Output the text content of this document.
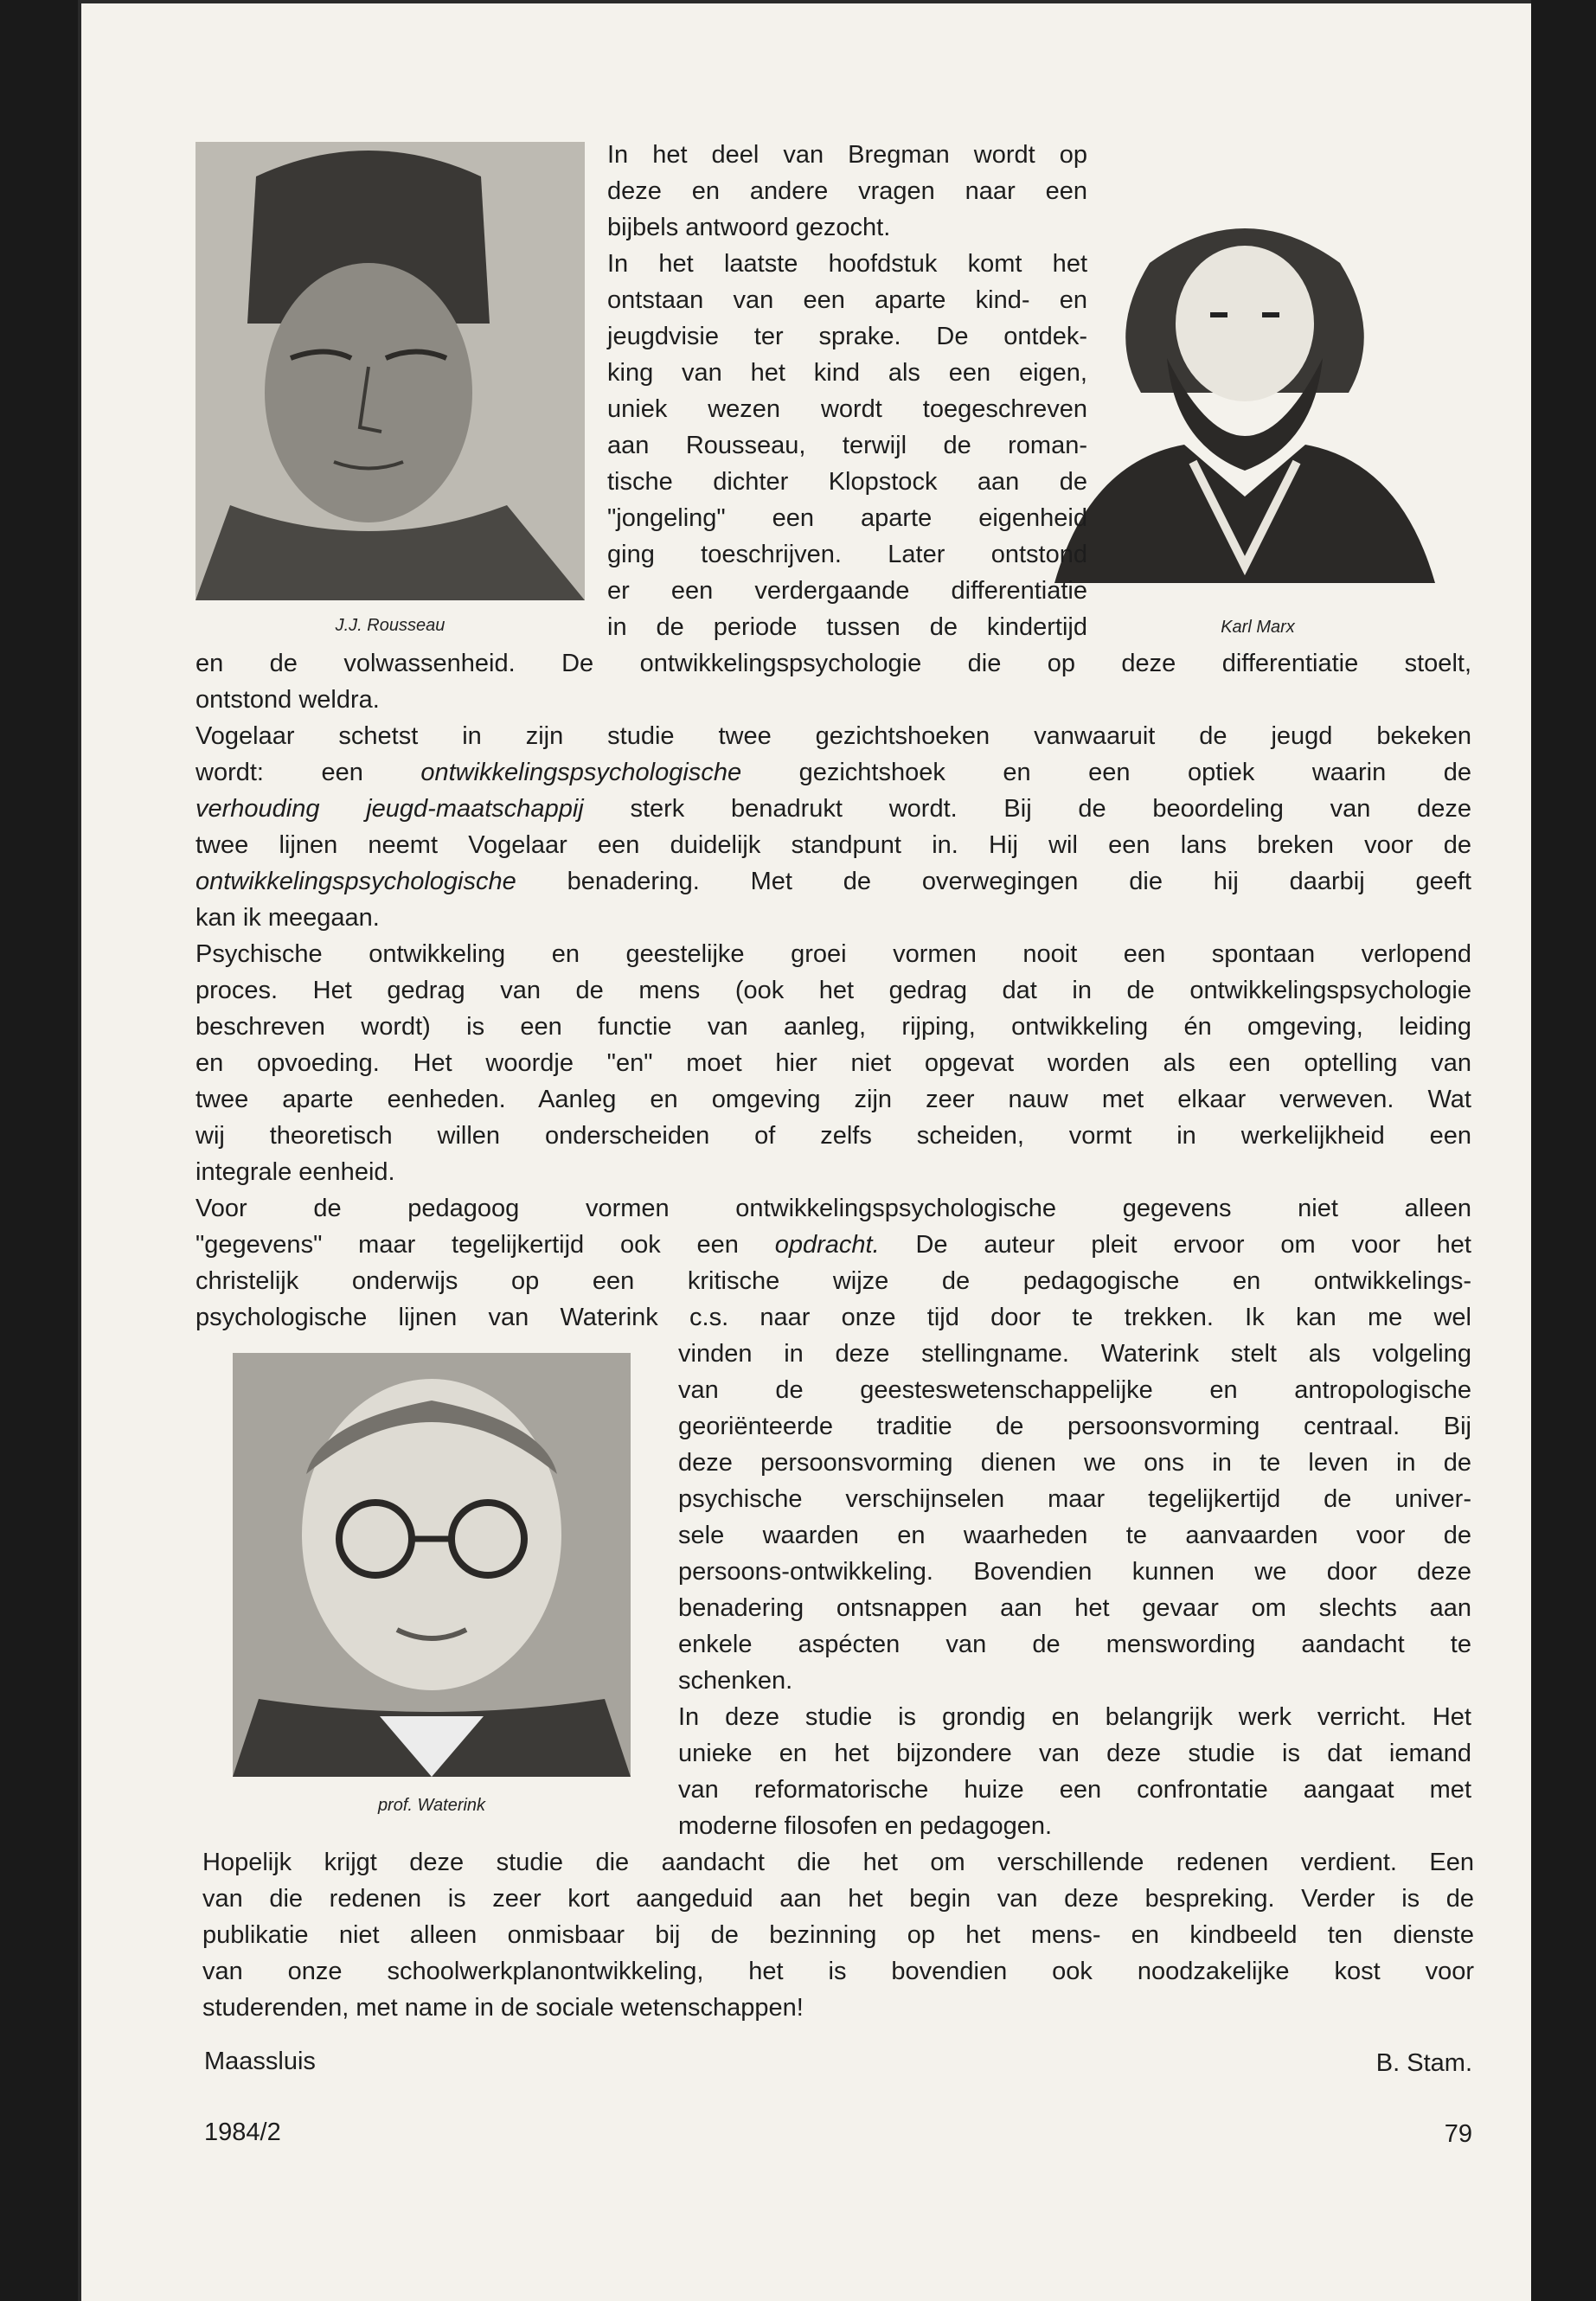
J.J. Rousseau	Karl Marx
prof. Waterink

In het deel van Bregman wordt op

deze en andere vragen naar een

bijbels antwoord gezocht.

In het laatste hoofdstuk komt het

ontstaan van een aparte kind- en

jeugdvisie ter sprake. De ontdek-

king van het kind als een eigen,

uniek wezen wordt toegeschreven

aan Rousseau, terwijl de roman-

tische dichter Klopstock aan de

"jongeling" een aparte eigenheid

ging toeschrijven. Later ontstond

er een verdergaande differentiatie

in de periode tussen de kindertijd

en de volwassenheid. De ontwikkelingspsychologie die op deze differentiatie stoelt,

ontstond weldra.

Vogelaar schetst in zijn studie twee gezichtshoeken vanwaaruit de jeugd bekeken

wordt: een ontwikkelingspsychologische gezichtshoek en een optiek waarin de

verhouding jeugd-maatschappij sterk benadrukt wordt. Bij de beoordeling van deze

twee lijnen neemt Vogelaar een duidelijk standpunt in. Hij wil een lans breken voor de

ontwikkelingspsychologische benadering. Met de overwegingen die hij daarbij geeft

kan ik meegaan.

Psychische ontwikkeling en geestelijke groei vormen nooit een spontaan verlopend

proces. Het gedrag van de mens (ook het gedrag dat in de ontwikkelingspsychologie

beschreven wordt) is een functie van aanleg, rijping, ontwikkeling én omgeving, leiding

en opvoeding. Het woordje "en" moet hier niet opgevat worden als een optelling van

twee aparte eenheden. Aanleg en omgeving zijn zeer nauw met elkaar verweven. Wat

wij theoretisch willen onderscheiden of zelfs scheiden, vormt in werkelijkheid een

integrale eenheid.

Voor de pedagoog vormen ontwikkelingspsychologische gegevens niet alleen

"gegevens" maar tegelijkertijd ook een opdracht. De auteur pleit ervoor om voor het

christelijk onderwijs op een kritische wijze de pedagogische en ontwikkelings-

psychologische lijnen van Waterink c.s. naar onze tijd door te trekken. Ik kan me wel

vinden in deze stellingname. Waterink stelt als volgeling

van de geesteswetenschappelijke en antropologische

georiënteerde traditie de persoonsvorming centraal. Bij

deze persoonsvorming dienen we ons in te leven in de

psychische verschijnselen maar tegelijkertijd de univer-

sele waarden en waarheden te aanvaarden voor de

persoons-ontwikkeling. Bovendien kunnen we door deze

benadering ontsnappen aan het gevaar om slechts aan

enkele aspécten van de menswording aandacht te

schenken.

In deze studie is grondig en belangrijk werk verricht. Het

unieke en het bijzondere van deze studie is dat iemand

van reformatorische huize een confrontatie aangaat met

moderne filosofen en pedagogen.

Hopelijk krijgt deze studie die aandacht die het om verschillende redenen verdient. Een

van die redenen is zeer kort aangeduid aan het begin van deze bespreking. Verder is de

publikatie niet alleen onmisbaar bij de bezinning op het mens- en kindbeeld ten dienste

van onze schoolwerkplanontwikkeling, het is bovendien ook noodzakelijke kost voor

studerenden, met name in de sociale wetenschappen!

Maassluis	B. Stam.

1984/2	79
